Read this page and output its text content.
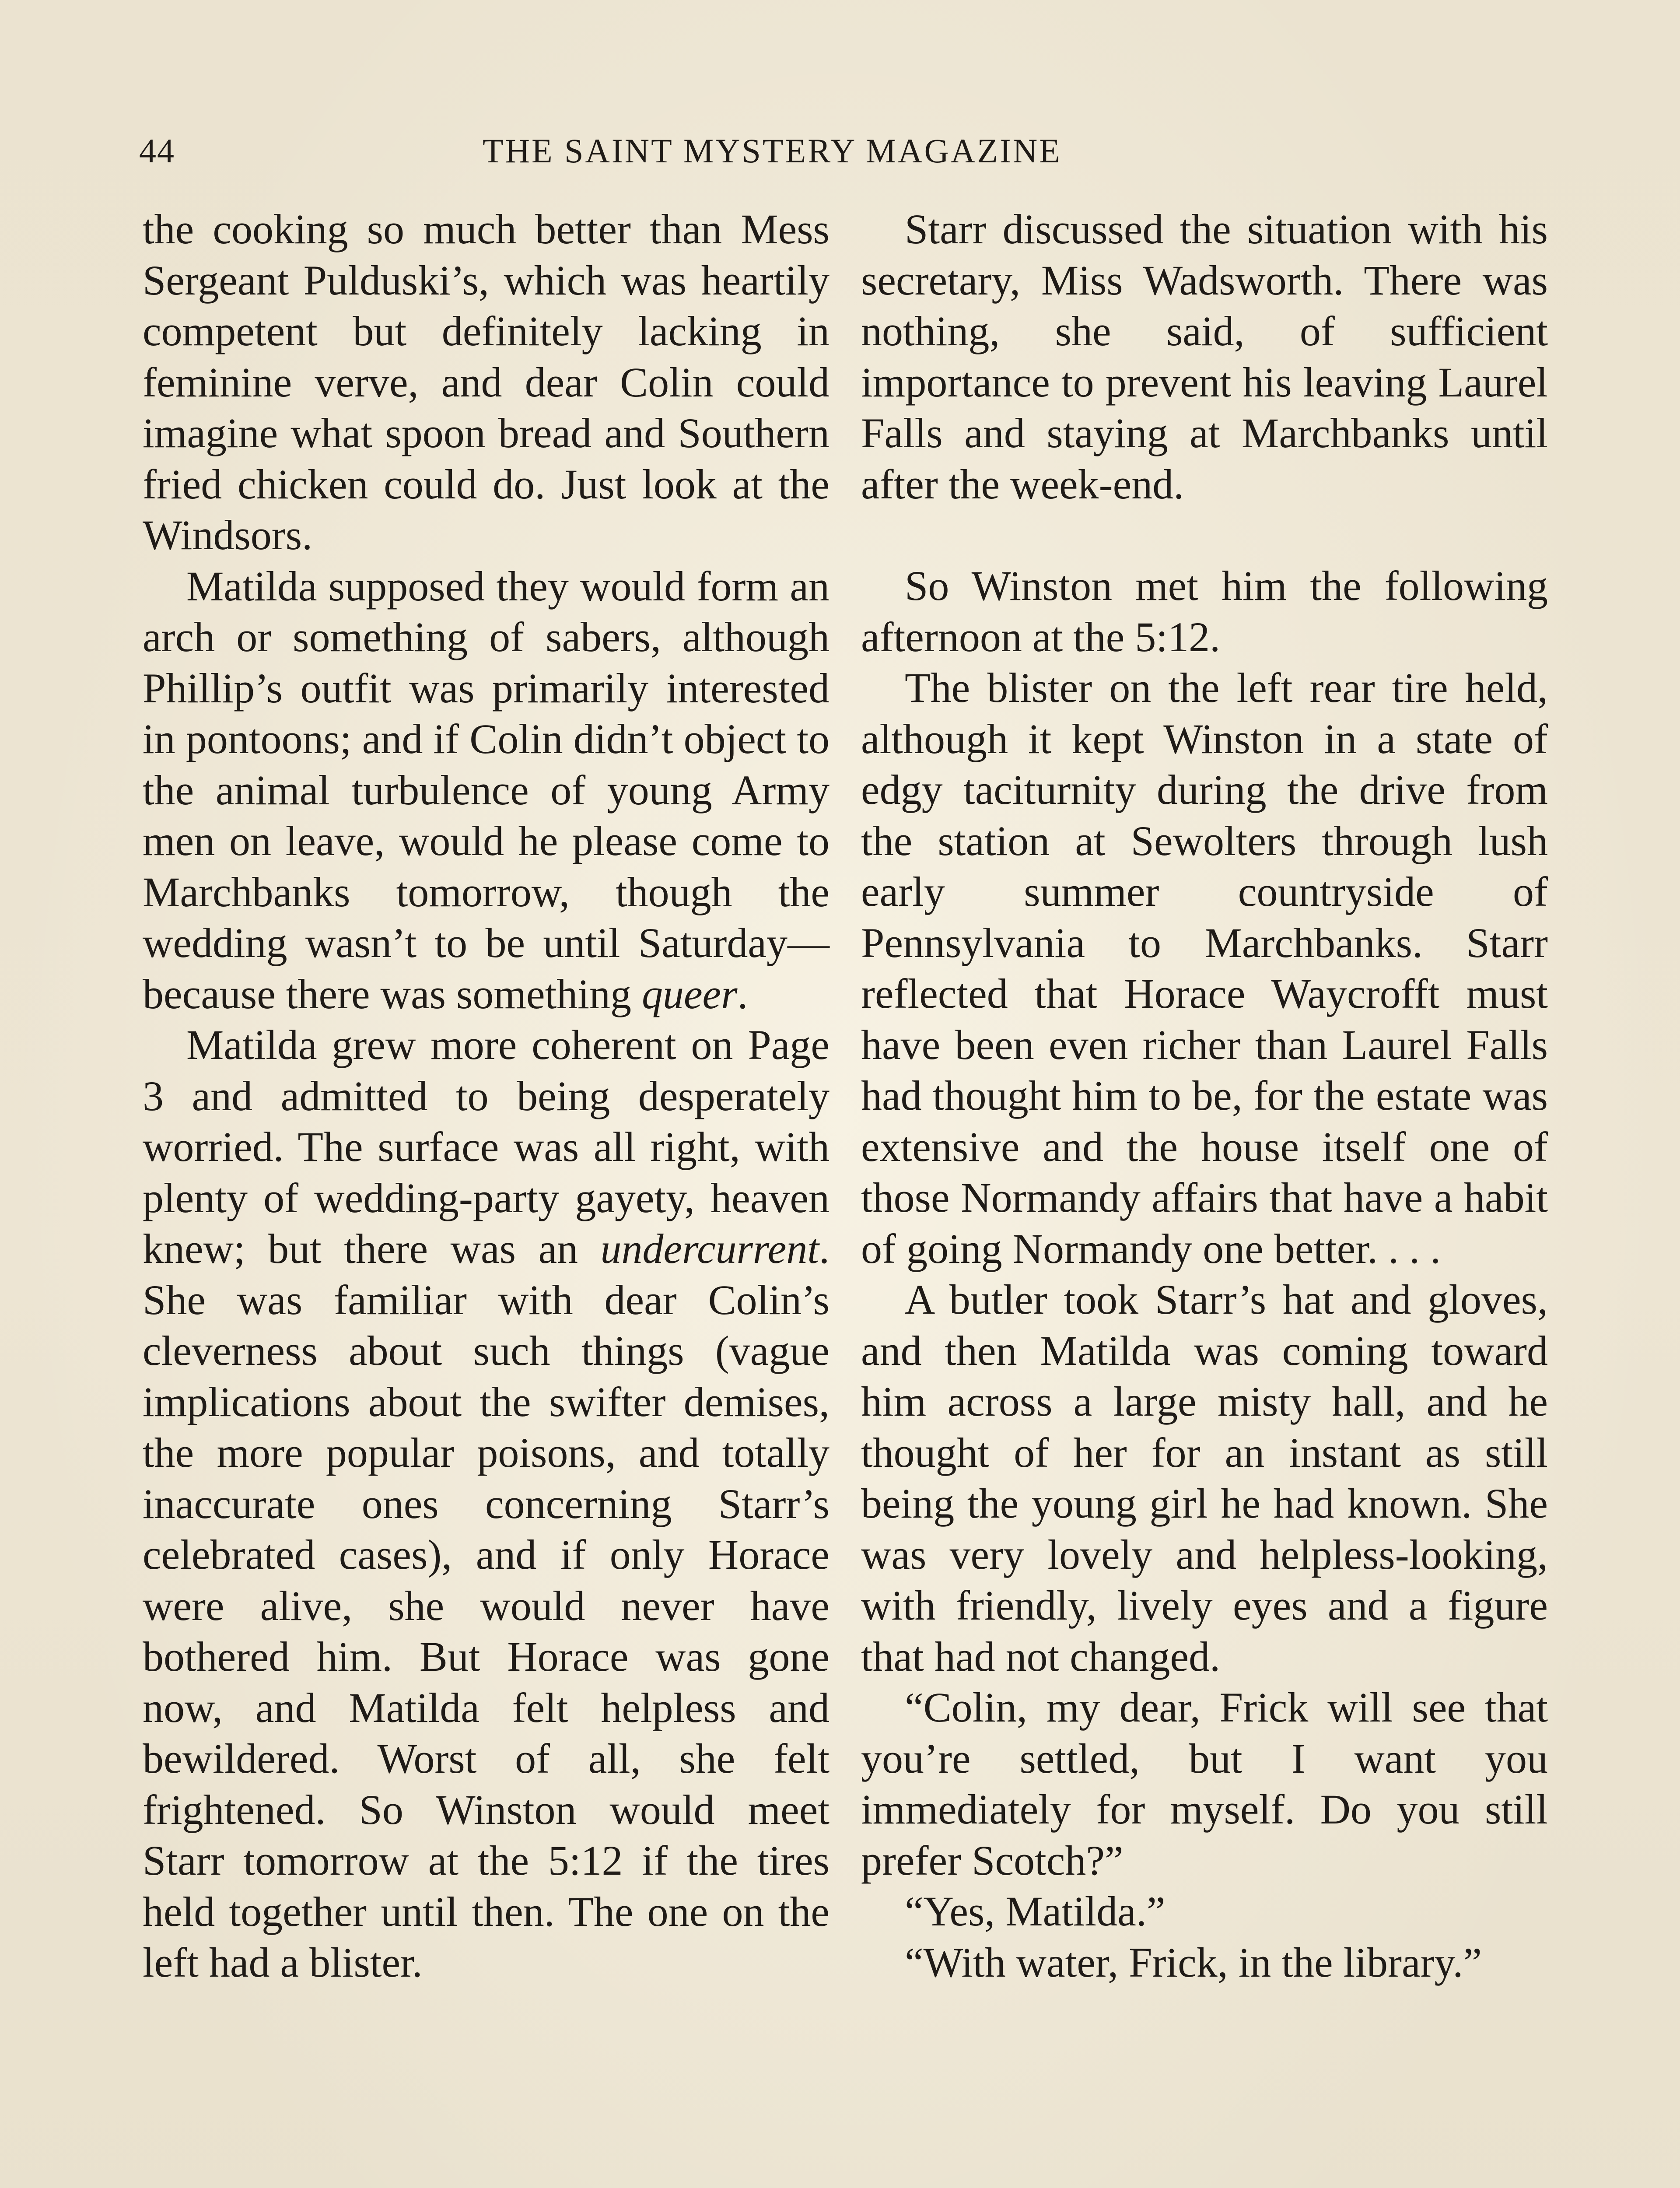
44	THE SAINT MYSTERY MAGAZINE

the cooking so much better than Mess Sergeant Pulduski’s, which was heartily competent but definitely lacking in feminine verve, and dear Colin could imagine what spoon bread and Southern fried chicken could do. Just look at the Windsors.

Matilda supposed they would form an arch or something of sabers, although Phillip’s outfit was primarily interested in pontoons; and if Colin didn’t object to the animal turbulence of young Army men on leave, would he please come to Marchbanks tomorrow, though the wedding wasn’t to be until Saturday—because there was something queer.

Matilda grew more coherent on Page 3 and admitted to being desperately worried. The surface was all right, with plenty of wedding-party gayety, heaven knew; but there was an undercurrent. She was familiar with dear Colin’s cleverness about such things (vague implications about the swifter demises, the more popular poisons, and totally inaccurate ones concerning Starr’s celebrated cases), and if only Horace were alive, she would never have bothered him. But Horace was gone now, and Matilda felt helpless and bewildered. Worst of all, she felt frightened. So Winston would meet Starr tomorrow at the 5:12 if the tires held together until then. The one on the left had a blister.

Starr discussed the situation with his secretary, Miss Wadsworth. There was nothing, she said, of sufficient importance to prevent his leaving Laurel Falls and staying at Marchbanks until after the week-end.

So Winston met him the following afternoon at the 5:12.

The blister on the left rear tire held, although it kept Winston in a state of edgy taciturnity during the drive from the station at Sewolters through lush early summer countryside of Pennsylvania to Marchbanks. Starr reflected that Horace Waycrofft must have been even richer than Laurel Falls had thought him to be, for the estate was extensive and the house itself one of those Normandy affairs that have a habit of going Normandy one better. . . .

A butler took Starr’s hat and gloves, and then Matilda was coming toward him across a large misty hall, and he thought of her for an instant as still being the young girl he had known. She was very lovely and helpless-looking, with friendly, lively eyes and a figure that had not changed.

“Colin, my dear, Frick will see that you’re settled, but I want you immediately for myself. Do you still prefer Scotch?”

“Yes, Matilda.”

“With water, Frick, in the library.”
